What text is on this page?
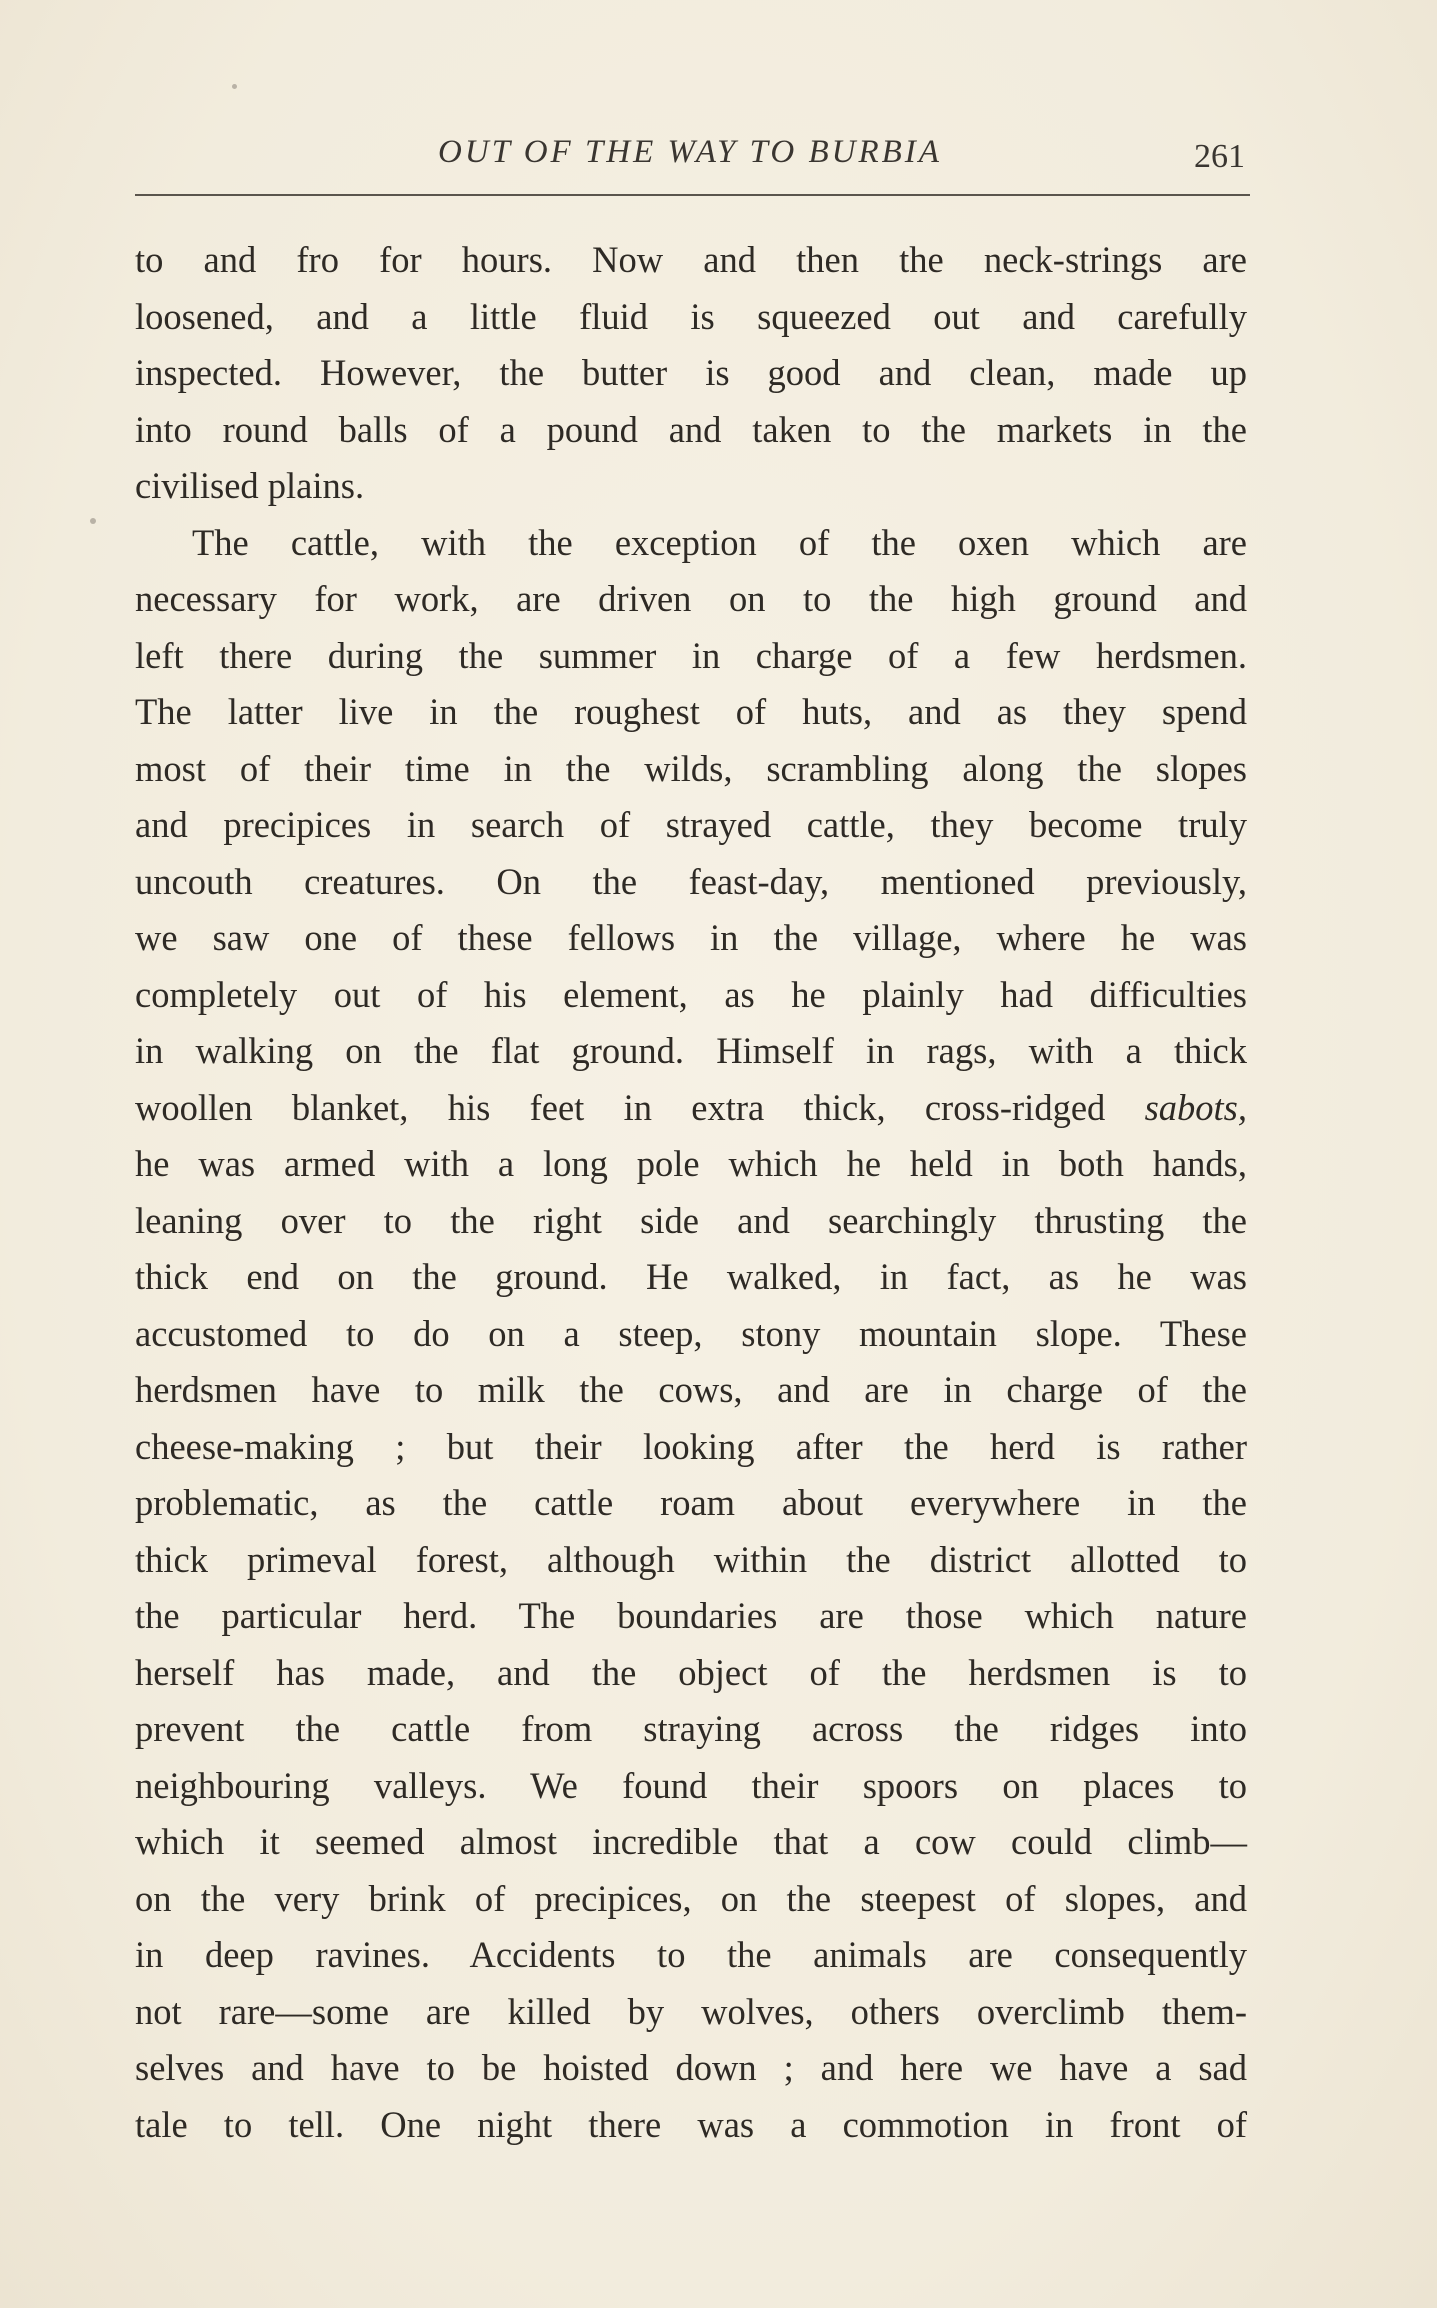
OUT OF THE WAY TO BURBIA	261
to and fro for hours. Now and then the neck-strings are
loosened, and a little fluid is squeezed out and carefully
inspected. However, the butter is good and clean, made up
into round balls of a pound and taken to the markets in the
civilised plains.
The cattle, with the exception of the oxen which are
necessary for work, are driven on to the high ground and
left there during the summer in charge of a few herdsmen.
The latter live in the roughest of huts, and as they spend
most of their time in the wilds, scrambling along the slopes
and precipices in search of strayed cattle, they become truly
uncouth creatures. On the feast-day, mentioned previously,
we saw one of these fellows in the village, where he was
completely out of his element, as he plainly had difficulties
in walking on the flat ground. Himself in rags, with a thick
woollen blanket, his feet in extra thick, cross-ridged sabots,
he was armed with a long pole which he held in both hands,
leaning over to the right side and searchingly thrusting the
thick end on the ground. He walked, in fact, as he was
accustomed to do on a steep, stony mountain slope. These
herdsmen have to milk the cows, and are in charge of the
cheese-making ; but their looking after the herd is rather
problematic, as the cattle roam about everywhere in the
thick primeval forest, although within the district allotted to
the particular herd. The boundaries are those which nature
herself has made, and the object of the herdsmen is to
prevent the cattle from straying across the ridges into
neighbouring valleys. We found their spoors on places to
which it seemed almost incredible that a cow could climb—
on the very brink of precipices, on the steepest of slopes, and
in deep ravines. Accidents to the animals are consequently
not rare—some are killed by wolves, others overclimb them-
selves and have to be hoisted down ; and here we have a sad
tale to tell. One night there was a commotion in front of
